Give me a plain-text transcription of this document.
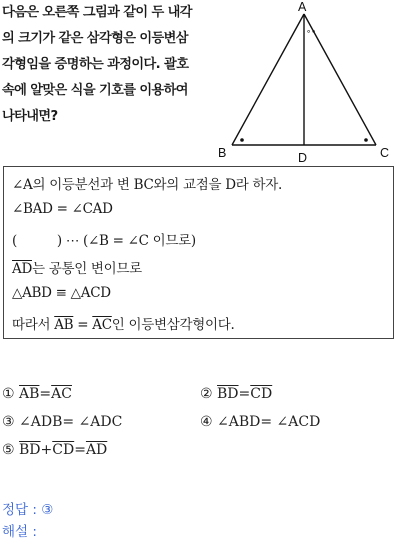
다음은 오른쪽 그림과 같이 두 내각
의 크기가 같은 삼각형은 이등변삼
각형임을 증명하는 과정이다. 괄호
속에 알맞은 식을 기호를 이용하여
나타내면?
∘∘
A
B	C
D
∠A의 이등분선과 변 BC와의 교점을 D라 하자.
∠BAD = ∠CAD
(          ) ⋯ (∠B = ∠C 이므로)
$\overline{AD}$는 공통인 변이므로
△ABD ≡ △ACD
따라서 $\overline{AB} = \overline{AC}$인 이등변삼각형이다.
① $\overline{AB}=\overline{AC}$	② $\overline{BD}=\overline{CD}$
③ ∠ADB= ∠ADC	④ ∠ABD= ∠ACD
⑤ $\overline{BD}+\overline{CD}=\overline{AD}$
정답 : ③
해설 :
